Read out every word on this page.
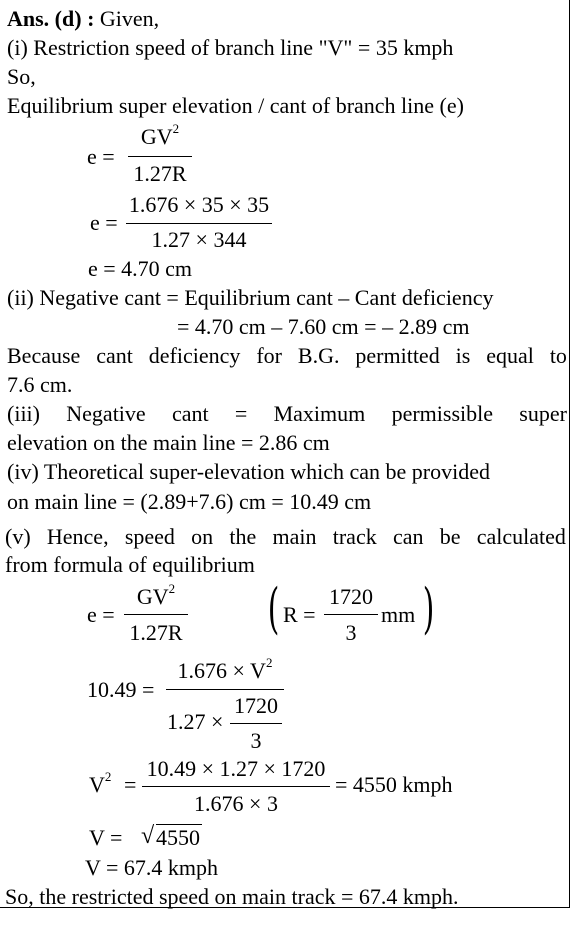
Ans. (d) : Given,
(i) Restriction speed of branch line "V" = 35 kmph
So,
Equilibrium super elevation / cant of branch line (e)
e =
$GV^2$
1.27R
e =
1.676 × 35 × 35
1.27 × 344
e = 4.70 cm
(ii) Negative cant = Equilibrium cant – Cant deficiency
= 4.70 cm – 7.60 cm = – 2.89 cm
Because cant deficiency for B.G. permitted is equal to
7.6 cm.
(iii) Negative cant = Maximum permissible super
elevation on the main line = 2.86 cm
(iv) Theoretical super-elevation which can be provided
on main line = (2.89+7.6) cm = 10.49 cm
(v) Hence, speed on the main track can be calculated
from formula of equilibrium
e =
$GV^2$
1.27R ( R =
1720
3
mm )
10.49 =
$1.676 \times V^2$
1.27 ×
1720
3
$V^2$ =
10.49 × 1.27 × 1720
1.676 × 3
= 4550 kmph
V = √ 4550
V = 67.4 kmph
So, the restricted speed on main track = 67.4 kmph.
